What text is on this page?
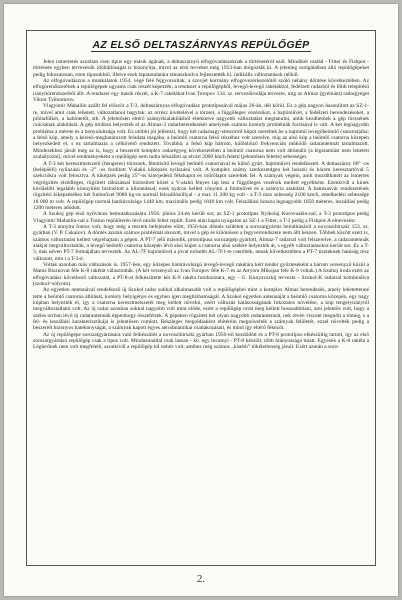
AZ ELSŐ DELTASZÁRNYAS REPÜLŐGÉP

Jelen ismertetés azonban csen típus egy másik ágának, a deltaszárnyú elfogóvadászoknak a történetéről szól. Mindikét család - Fitter és Fishpot - története egyben tervezésük idöltállóságát is bizonyítja, mivel az első terveket még 1953-ban dolgozták ki. A jelenleg szolgálatban álló repülőgépeket pedig fokozatosan, ezen típusokból, illetve ezek tapasztalatára támaszkodva fejlesztették ki, radikális változtatások nélkül.

Az elfogóvadászon a munkálatok 1954. végé felé fejgyorsultak, a szovjet kormány elfogóvezérkezelőtől szóló nehány döntése következtében. Az elfogórendszerének a repülőgépek ugyanis csak részét képezték; a rendszer a repülőgépből, levegő-levegő rakétákból, fedélzeti radarból és földi telepítésű irányítórendszerből állt. A rendszer egy másik részét, a K-7 rakétákat Ivan Toropov 134. sz. tervezőirodája tervezte, míg az Almaz (gyémánt) radargyéget Viktor Tyihomirov.

Vlagyimir Mahailin azállt fel először a T-3, deltaszárnyas elfogóvadász prototípusával május 26-án, dél körül. Ez a gép nagyon hasonlított az SZ-1-re, mivel amit csak lehetett, változatlanul hagytak: az orrész kivételével a törzset, a függőleges vezérsíkot, a hajtóművet, a fedélzeti berendezéseket, a pilótafülkét, a kabintetőt, stb. A jelentősen eltérő számyikialakításból eltekintve nagyobb változtatást megtanulni, amik kezdhetőek a gép törzsének csúcsának alakítását. A gép orrában helyezték el az Almaz-3 radarberendezését amelynek számos komoly problémák forrásává is vált. A két legnagyobb probléma a mérete és a bonyolultsága volt. Ez utóbbi jól jellemzi, hogy két radarnagy-strezorról küpót szereltek be a hajtómű levegőbeömlő csatornájába; a felső kúp, amely a keresö-meghatározott feladata magába, a beömlő csatorna felső részéhez volt szerelve, míg az alsó kúp a beömlő csatorna közepén helyezkedett el, s ez tartalmazta a célkövető rendszert. Továbbá, a felső kúp hátrom, különböző frekvencián működő radarantennát tartalmazott. Mindezekhez járult még az is, hogy a beszerelt komplex radarégyeg kövekezetében a beömlő csatorna nem volt áltümáló (a légáramlást nem lehetett szabályozni), mivel eredményeként a repülőgép nem tudta lelszállni az elvárt 2000 km/h feletti (jelentősen felette) sebességet.

A T-3 két keresztmetszetű (hengeres) törzsnek, fémitisítő levegő beömlő csatornával és külső gyárt, hajtóművel rendelkezett. A deltaszárny 60° -os (belépőéli) nyilazású és -2° -os fordított V-alakú kiképzés nyilazású volt. A komplex számy szerkezetdgen két hosszú és három keresztartóval 5 szekciókra volt felosztva. A kiképzés pedig 25°-os kiterjedésű fékskapot és csűrőlapot szereltek fel. A számyak végein, amit mozdíthatott az ismertes végrögzítés elsődleges, rögzített ráhúzással biztosított közel a V-alakú fényes lap lesz a függőleges vezérsík mellett egyébként. Ezenkívül a kinek körülelőtt legalább könnyítést biztosított a kibontással; ezek nyáron kellett cönyitni a futóművet és a számyra alakítást. A hamisasvár rendszerének rögzítési kiképzéséhez két futóművet 9080 kg-os normál felszállósúllyal - a max 11 200 kg volt - a T-3 max sebesség 2100 km/h, emelkedési sebessége 18 000 m volt. A repülőgép normál hatótávolsága 1440 km, maximális pedig 1840 km volt. Felszállási hossza legnagyobb 1050 méteres, leszállási pedig 1200 méteres adódott.

A Szuhoj gép első nyilvános bemutatkozására 1956. június 24-én került sor, az SZ-1 prototípus Nyikolaj Korovuskin-nal, a T-3 prototípus pedig Vlagyimir Mahailin-nal a Tusino repülőterén lévő nézők felett repült. Ezek után kapta nyugaton az SZ-1 a Fitter, a T-3 pedig a Fishpot-A elnevezést.

A T-3 annyira fontos volt, hogy még a tesztek befejezése előtt, 1956-ban döntés született a sorozatgyártás beindításáról a novoszibirszki 153. sz. gyárban (V. P. Cukalov). A döntés azután számos problémát okozott, mivel a gép és különösen a fegyverrendszere nem állt készen. Többek között ezért is, számos változtatást kellett végrehajtani a gépen. A PT-7 jelű második, prototípusa sorozatgép gyártott, Almaz-7 radarral volt felszerelve, a radarantennák alakját megváltoztatták, a levegő beömlő csatorna közepén lévő alsó kúpot a csatorna alsó szélére helyezték át, s egyéb változtatásokra került sor. Ez a T-3, más néven PT-7 formájában tervezték. Az AL-7F hajtóművel a jóval erősebb AL-7F1-re cserélték, annak következtében a PT-7 tiszteknek hatóság rész változott, min t a T-3-é.

Voltak azonban más változások is. 1957-ben, egy közepes hatótávolságú levegő-levegő rakétára kért tender győzteseként a három versenyző közül a Matus Bisznovat féle K-8 rakétát választották. (A két versenyző az Ivan Toropov féle K-7 és az Artyom Mikojan féle K-9 voltak.) A Szuhoj iroda ezért az elfogóvadász következő változatát, a PT-8-at felkészítette két K-8 rakéta hordozására, egy - G. Kunyavszkij tervezte - Szokol-K radarral kombinálva (szokol=sólyom).

Az egyetlen antennával rendelkező új Szokol radar sokkal alkalmasabb volt a repülőgépbei mint a komplex Almaz berendezés, amely lehetettenné tette a beömlő csatorna állítását, komoly helyigénye és egyben igen megbízhatóságát. A Szokol egyetlen antennáját a beömlő csatorna közepén, egy nagy kúpban helyezték el, így a csatorna keresztmetszetét meg kellett növelni, ezért változás hatásosságának fokozatos növelése, a kúp tengelyiránytól megváltoztatható volt. Az új radar azonban sokkal nagyobb volt mint előde, ezért a repülőgép orrát meg kellett hosszabbítani, ami jelentős volt, hogy a széles orrban lévő új radarantennák éppenhogy összefértek. A gépeken rögzített két olyan nagyobb radarantennát, nek révén viszont megnőtt a tömeg, s a fel- és leszállási karakterisztikája is jelentősen romlott. Részleges megoldásként előtéréin megnövelték a számyak felületét, ezzel növelték pedig a beszerelt bizonyos hatékonyságát, a számyak kapott egyes aerodinamikai csatlakozásait, és mind így eltérő fékezőt.

Az új repülőgépe sorozatgyártására való felkészülés a novoszibirszki gyárban 1956-tól kezdődött és a PT-8 prototípus elkészültig tartott, így az első sorozatgyártású repülőgép csak a típus volt. Mindazonáltal csak lassan - kb. egy tucatnyi - PT-8 készült, több hiányossága miatt. Egyesek a K-8 rakéta a Légierőnek nem volt megfelelő, azonkívül a repülőgép túl nehéz volt, amihez még számos „kisebb” tökéletlenség járult. Ezért azután a soro-

2.
